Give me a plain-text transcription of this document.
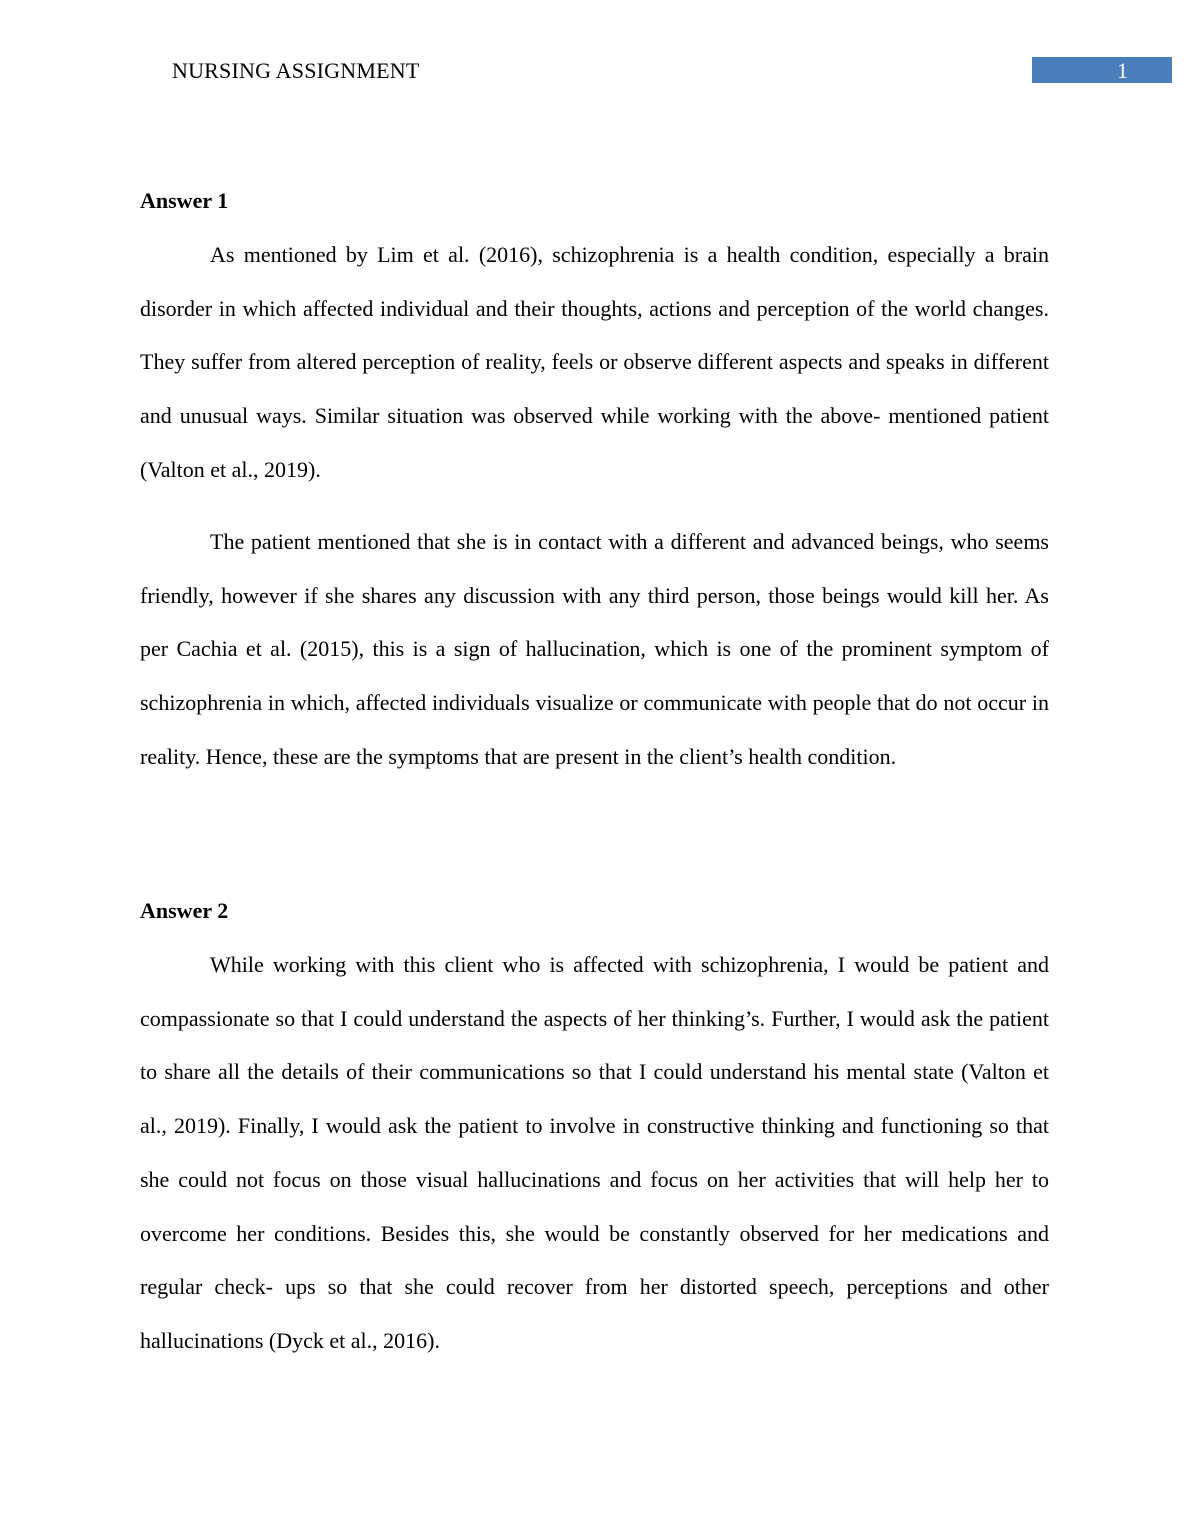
NURSING ASSIGNMENT	1
Answer 1

As mentioned by Lim et al. (2016), schizophrenia is a health condition, especially a brain disorder in which affected individual and their thoughts, actions and perception of the world changes. They suffer from altered perception of reality, feels or observe different aspects and speaks in different and unusual ways. Similar situation was observed while working with the above- mentioned patient (Valton et al., 2019).

The patient mentioned that she is in contact with a different and advanced beings, who seems friendly, however if she shares any discussion with any third person, those beings would kill her. As per Cachia et al. (2015), this is a sign of hallucination, which is one of the prominent symptom of schizophrenia in which, affected individuals visualize or communicate with people that do not occur in reality. Hence, these are the symptoms that are present in the client’s health condition.

Answer 2

While working with this client who is affected with schizophrenia, I would be patient and compassionate so that I could understand the aspects of her thinking’s. Further, I would ask the patient to share all the details of their communications so that I could understand his mental state (Valton et al., 2019). Finally, I would ask the patient to involve in constructive thinking and functioning so that she could not focus on those visual hallucinations and focus on her activities that will help her to overcome her conditions. Besides this, she would be constantly observed for her medications and regular check- ups so that she could recover from her distorted speech, perceptions and other hallucinations (Dyck et al., 2016).
